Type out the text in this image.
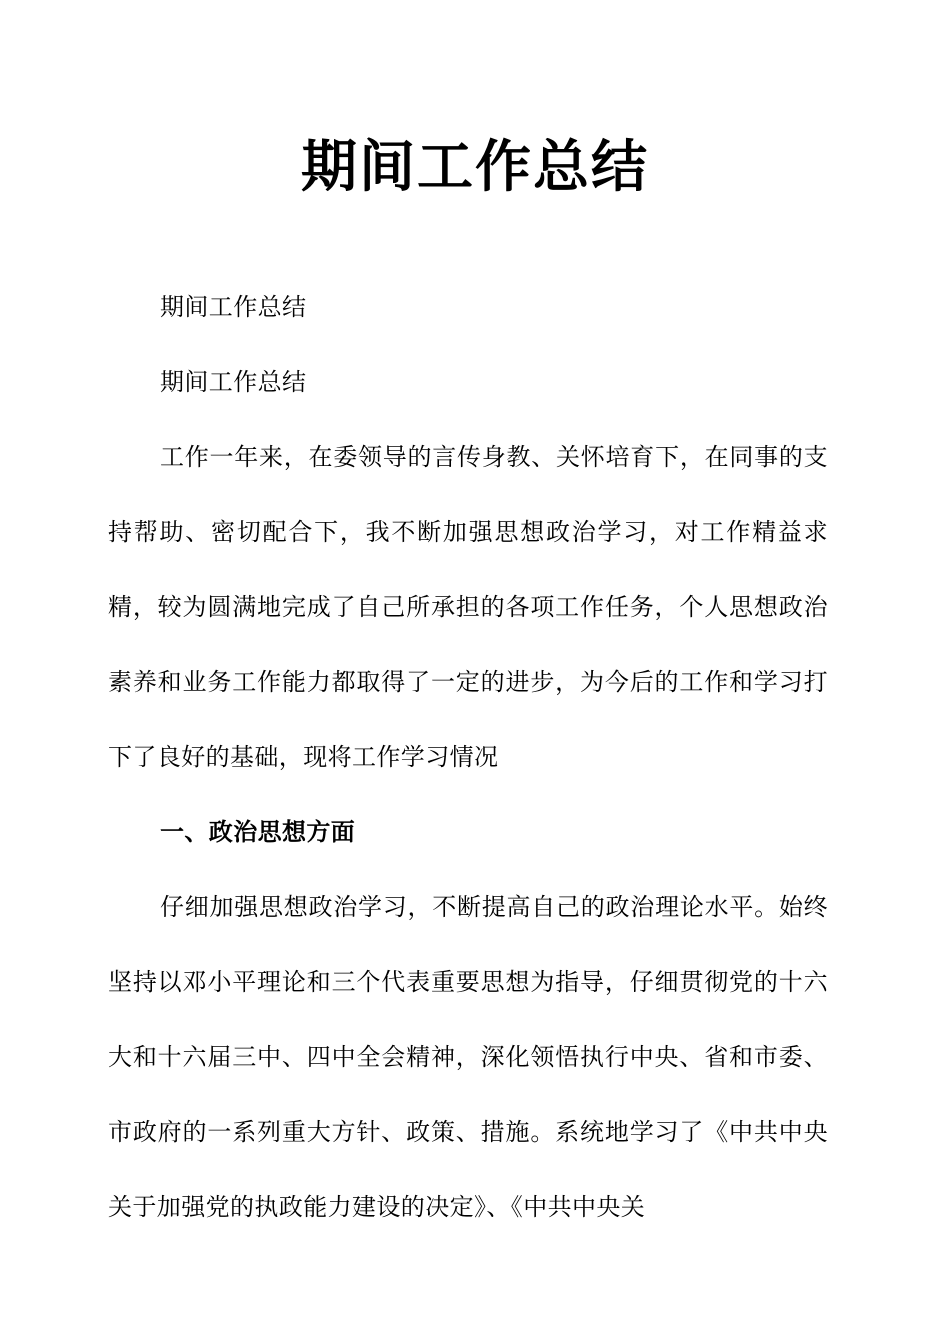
期间工作总结

期间工作总结

期间工作总结

工作一年来，在委领导的言传身教、关怀培育下，在同事的支持帮助、密切配合下，我不断加强思想政治学习，对工作精益求精，较为圆满地完成了自己所承担的各项工作任务，个人思想政治素养和业务工作能力都取得了一定的进步，为今后的工作和学习打下了良好的基础，现将工作学习情况

一、政治思想方面

仔细加强思想政治学习，不断提高自己的政治理论水平。始终坚持以邓小平理论和三个代表重要思想为指导，仔细贯彻党的十六大和十六届三中、四中全会精神，深化领悟执行中央、省和市委、市政府的一系列重大方针、政策、措施。系统地学习了《中共中央关于加强党的执政能力建设的决定》、《中共中央关
